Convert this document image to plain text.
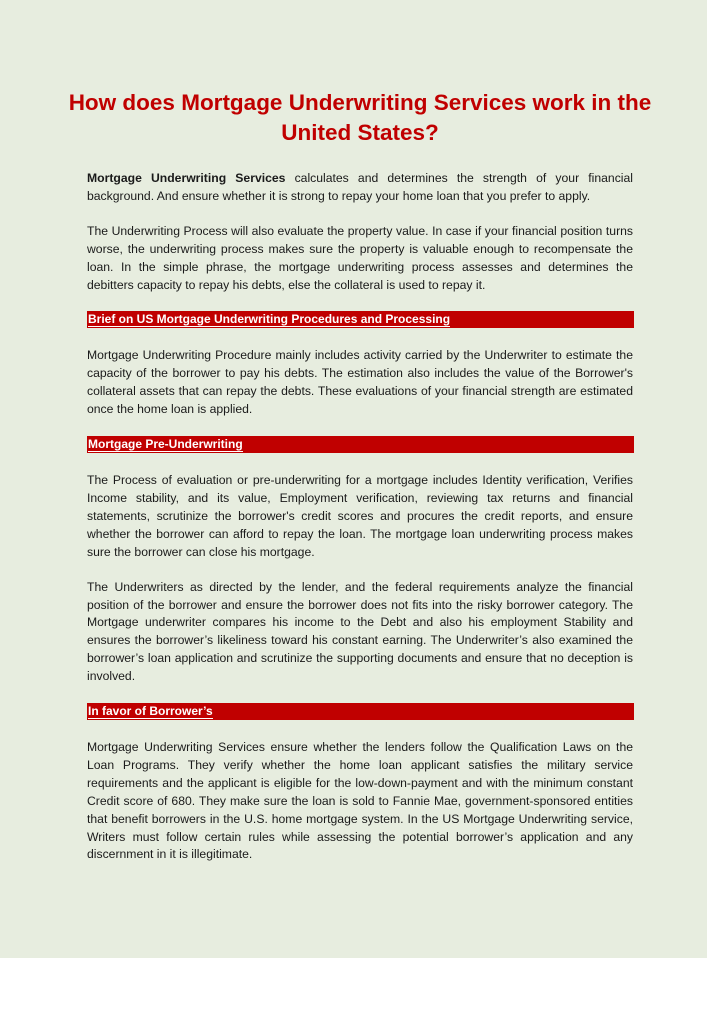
How does Mortgage Underwriting Services work in the United States?

Mortgage Underwriting Services calculates and determines the strength of your financial background. And ensure whether it is strong to repay your home loan that you prefer to apply.

The Underwriting Process will also evaluate the property value. In case if your financial position turns worse, the underwriting process makes sure the property is valuable enough to recompensate the loan. In the simple phrase, the mortgage underwriting process assesses and determines the debitters capacity to repay his debts, else the collateral is used to repay it.

Brief on US Mortgage Underwriting Procedures and Processing

Mortgage Underwriting Procedure mainly includes activity carried by the Underwriter to estimate the capacity of the borrower to pay his debts. The estimation also includes the value of the Borrower's collateral assets that can repay the debts. These evaluations of your financial strength are estimated once the home loan is applied.

Mortgage Pre-Underwriting

The Process of evaluation or pre-underwriting for a mortgage includes Identity verification, Verifies Income stability, and its value, Employment verification, reviewing tax returns and financial statements, scrutinize the borrower's credit scores and procures the credit reports, and ensure whether the borrower can afford to repay the loan. The mortgage loan underwriting process makes sure the borrower can close his mortgage.

The Underwriters as directed by the lender, and the federal requirements analyze the financial position of the borrower and ensure the borrower does not fits into the risky borrower category. The Mortgage underwriter compares his income to the Debt and also his employment Stability and ensures the borrower’s likeliness toward his constant earning. The Underwriter’s also examined the borrower’s loan application and scrutinize the supporting documents and ensure that no deception is involved.

In favor of Borrower’s

Mortgage Underwriting Services ensure whether the lenders follow the Qualification Laws on the Loan Programs. They verify whether the home loan applicant satisfies the military service requirements and the applicant is eligible for the low-down-payment and with the minimum constant Credit score of 680. They make sure the loan is sold to Fannie Mae, government-sponsored entities that benefit borrowers in the U.S. home mortgage system. In the US Mortgage Underwriting service, Writers must follow certain rules while assessing the potential borrower’s application and any discernment in it is illegitimate.
